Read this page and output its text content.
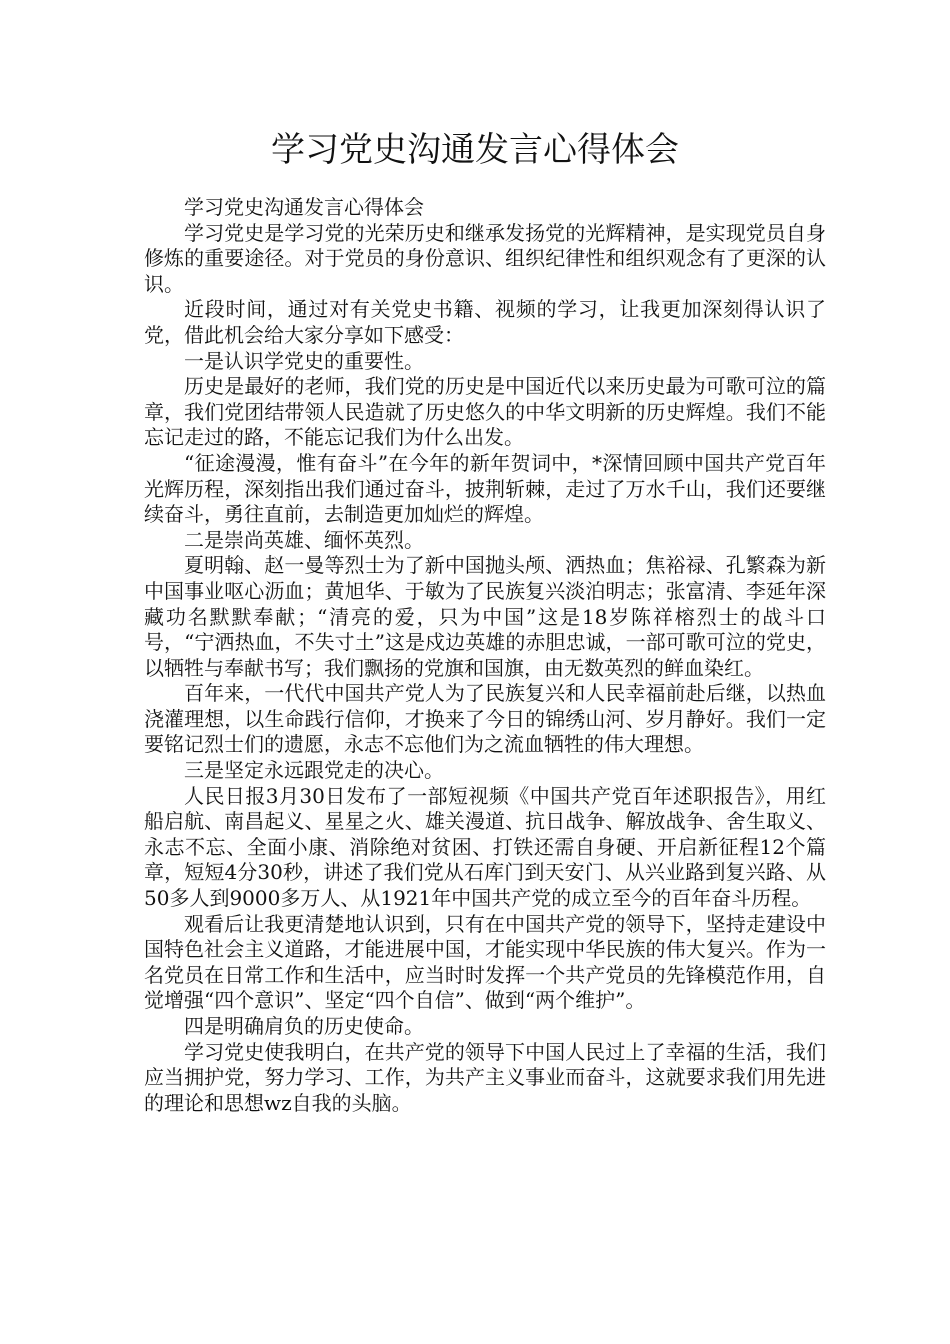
学习党史沟通发言心得体会

学习党史沟通发言心得体会

学习党史是学习党的光荣历史和继承发扬党的光辉精神，是实现党员自身修炼的重要途径。对于党员的身份意识、组织纪律性和组织观念有了更深的认识。

近段时间，通过对有关党史书籍、视频的学习，让我更加深刻得认识了党，借此机会给大家分享如下感受：

一是认识学党史的重要性。

历史是最好的老师，我们党的历史是中国近代以来历史最为可歌可泣的篇章，我们党团结带领人民造就了历史悠久的中华文明新的历史辉煌。我们不能忘记走过的路，不能忘记我们为什么出发。

“征途漫漫，惟有奋斗”在今年的新年贺词中，*深情回顾中国共产党百年光辉历程，深刻指出我们通过奋斗，披荆斩棘，走过了万水千山，我们还要继续奋斗，勇往直前，去制造更加灿烂的辉煌。

二是崇尚英雄、缅怀英烈。

夏明翰、赵一曼等烈士为了新中国抛头颅、洒热血；焦裕禄、孔繁森为新中国事业呕心沥血；黄旭华、于敏为了民族复兴淡泊明志；张富清、李延年深藏功名默默奉献；“清亮的爱，只为中国”这是18岁陈祥榕烈士的战斗口号，“宁洒热血，不失寸土”这是戍边英雄的赤胆忠诚，一部可歌可泣的党史，以牺牲与奉献书写；我们飘扬的党旗和国旗，由无数英烈的鲜血染红。

百年来，一代代中国共产党人为了民族复兴和人民幸福前赴后继，以热血浇灌理想，以生命践行信仰，才换来了今日的锦绣山河、岁月静好。我们一定要铭记烈士们的遗愿，永志不忘他们为之流血牺牲的伟大理想。

三是坚定永远跟党走的决心。

人民日报3月30日发布了一部短视频《中国共产党百年述职报告》，用红船启航、南昌起义、星星之火、雄关漫道、抗日战争、解放战争、舍生取义、永志不忘、全面小康、消除绝对贫困、打铁还需自身硬、开启新征程12个篇章，短短4分30秒，讲述了我们党从石库门到天安门、从兴业路到复兴路、从50多人到9000多万人、从1921年中国共产党的成立至今的百年奋斗历程。

观看后让我更清楚地认识到，只有在中国共产党的领导下，坚持走建设中国特色社会主义道路，才能进展中国，才能实现中华民族的伟大复兴。作为一名党员在日常工作和生活中，应当时时发挥一个共产党员的先锋模范作用，自觉增强“四个意识”、坚定“四个自信”、做到“两个维护”。

四是明确肩负的历史使命。

学习党史使我明白，在共产党的领导下中国人民过上了幸福的生活，我们应当拥护党，努力学习、工作，为共产主义事业而奋斗，这就要求我们用先进的理论和思想wz自我的头脑。
